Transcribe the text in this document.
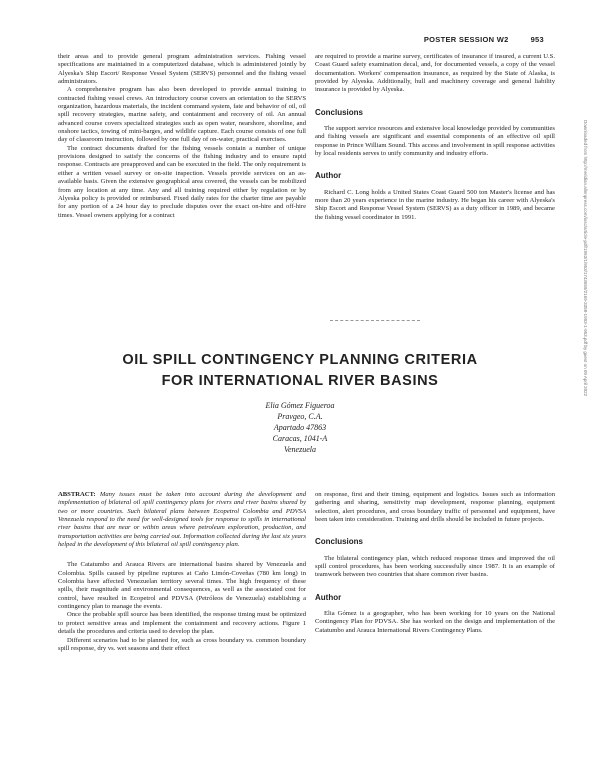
POSTER SESSION W2	953

their areas and to provide general program administration services. Fishing vessel specifications are maintained in a computerized database, which is administered jointly by Alyeska's Ship Escort/ Response Vessel System (SERVS) personnel and the fishing vessel administrators.

A comprehensive program has also been developed to provide annual training to contracted fishing vessel crews. An introductory course covers an orientation to the SERVS organization, hazardous materials, the incident command system, fate and behavior of oil, oil spill recovery strategies, marine safety, and containment and recovery of oil. An annual advanced course covers specialized strategies such as open water, nearshore, shoreline, and onshore tactics, towing of mini-barges, and wildlife capture. Each course consists of one full day of classroom instruction, followed by one full day of on-water, practical exercises.

The contract documents drafted for the fishing vessels contain a number of unique provisions designed to satisfy the concerns of the fishing industry and to ensure rapid response. Contracts are preapproved and can be executed in the field. The only requirement is either a written vessel survey or on-site inspection. Vessels provide services on an as-available basis. Given the extensive geographical area covered, the vessels can be mobilized from any location at any time. Any and all training required either by regulation or by Alyeska policy is provided or reimbursed. Fixed daily rates for the charter time are payable for any portion of a 24 hour day to preclude disputes over the exact on-hire and off-hire times. Vessel owners applying for a contract

are required to provide a marine survey, certificates of insurance if insured, a current U.S. Coast Guard safety examination decal, and, for documented vessels, a copy of the vessel documentation. Workers' compensation insurance, as required by the State of Alaska, is provided by Alyeska. Additionally, hull and machinery coverage and general liability insurance is provided by Alyeska.

Conclusions

The support service resources and extensive local knowledge provided by communities and fishing vessels are significant and essential components of an effective oil spill response in Prince William Sound. This access and involvement in spill response activities by local residents serves to unify community and industry efforts.

Author

Richard C. Long holds a United States Coast Guard 500 ton Master's license and has more than 20 years experience in the marine industry. He began his career with Alyeska's Ship Escort and Response Vessel System (SERVS) as a duty officer in 1989, and became the fishing vessel coordinator in 1991.

OIL SPILL CONTINGENCY PLANNING CRITERIA
FOR INTERNATIONAL RIVER BASINS
Elia Gómez Figueroa
Pravgeo, C.A.
Apartado 47863
Caracas, 1041-A
Venezuela

ABSTRACT: Many issues must be taken into account during the development and implementation of bilateral oil spill contingency plans for rivers and river basins shared by two or more countries. Such bilateral plans between Ecopetrol Colombia and PDVSA Venezuela respond to the need for well-designed tools for response to spills in international river basins that are near or within areas where petroleum exploration, production, and transportation activities are being carried out. Information collected during the last six years helped in the development of this bilateral oil spill contingency plan.

The Catatumbo and Arauca Rivers are international basins shared by Venezuela and Colombia. Spills caused by pipeline ruptures at Caño Limón-Coveñas (780 km long) in Colombia have affected Venezuelan territory several times. The high frequency of these spills, their magnitude and environmental consequences, as well as the associated cost for control, have resulted in Ecopetrol and PDVSA (Petróleos de Venezuela) establishing a contingency plan to manage the events.

Once the probable spill source has been identified, the response timing must be optimized to protect sensitive areas and implement the containment and recovery actions. Figure 1 details the procedures and criteria used to develop the plan.

Different scenarios had to be planned for, such as cross boundary vs. common boundary spill response, dry vs. wet seasons and their effect

on response, first and their timing, equipment and logistics. Issues such as information gathering and sharing, sensitivity map development, response planning, equipment selection, alert procedures, and cross boundary traffic of personnel and equipment, have been taken into consideration. Training and drills should be included in future projects.

Conclusions

The bilateral contingency plan, which reduced response times and improved the oil spill control procedures, has been working successfully since 1987. It is an example of teamwork between two countries that share common river basins.

Author

Elia Gómez is a geographer, who has been working for 10 years on the National Contingency Plan for PDVSA. She has worked on the design and implementation of the Catatumbo and Arauca International Rivers Contingency Plans.

Downloaded from http://meridian.allenpress.com/iosc/article-pdf/1993/1/953/1743659/2169-3358-1993-1-953.pdf by guest on 09 April 2022
